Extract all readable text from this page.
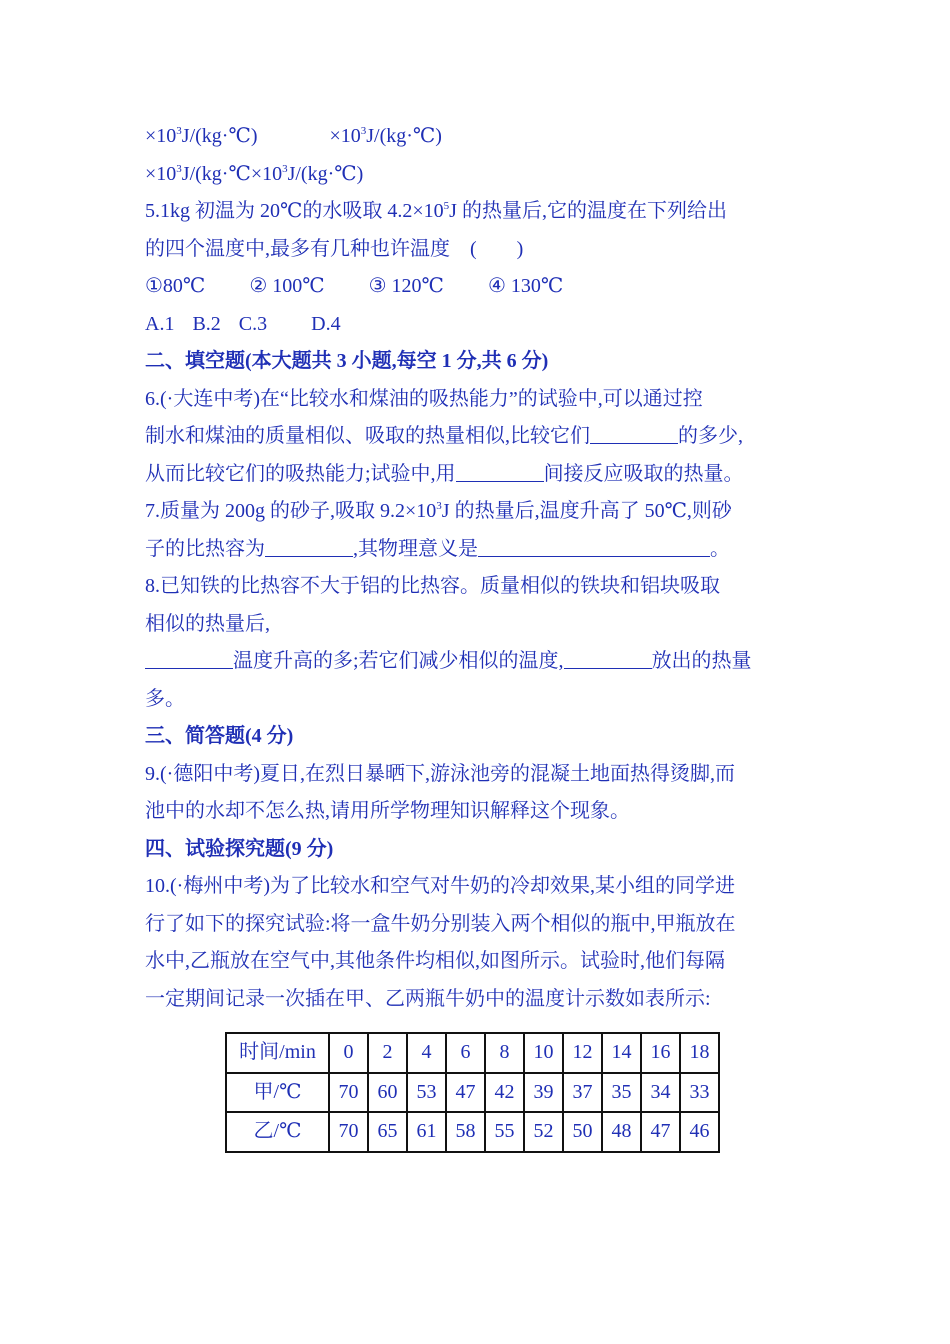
$\times 10^3J/(kg\cdot℃)$	$\times 10^3J/(kg\cdot℃)$
$\times 10^3J/(kg\cdot℃\times 10^3J/(kg\cdot℃)$
5.1kg 初温为 20℃的水吸取 $4.2\times 10^5J$ 的热量后,它的温度在下列给出
的四个温度中,最多有几种也许温度　(　　)
①80℃ ② 100℃ ③ 120℃ ④ 130℃
A.1 B.2 C.3 D.4
二、填空题(本大题共 3 小题,每空 1 分,共 6 分)
6.(·大连中考)在“比较水和煤油的吸热能力”的试验中,可以通过控
制水和煤油的质量相似、吸取的热量相似,比较它们	的多少,
从而比较它们的吸热能力;试验中,用	间接反应吸取的热量。
7.质量为 200g 的砂子,吸取 $9.2\times 10^3J$ 的热量后,温度升高了 50℃,则砂
子的比热容为	,其物理意义是	。
8.已知铁的比热容不大于铝的比热容。质量相似的铁块和铝块吸取
相似的热量后,
温度升高的多;若它们减少相似的温度,	放出的热量
多。
三、简答题(4 分)
9.(·德阳中考)夏日,在烈日暴晒下,游泳池旁的混凝土地面热得烫脚,而
池中的水却不怎么热,请用所学物理知识解释这个现象。
四、试验探究题(9 分)
10.(·梅州中考)为了比较水和空气对牛奶的冷却效果,某小组的同学进
行了如下的探究试验:将一盒牛奶分别装入两个相似的瓶中,甲瓶放在
水中,乙瓶放在空气中,其他条件均相似,如图所示。试验时,他们每隔
一定期间记录一次插在甲、乙两瓶牛奶中的温度计示数如表所示:
时间/min	0	2	4	6	8	10	12	14	16	18
甲/℃	70	60	53	47	42	39	37	35	34	33
乙/℃	70	65	61	58	55	52	50	48	47	46
